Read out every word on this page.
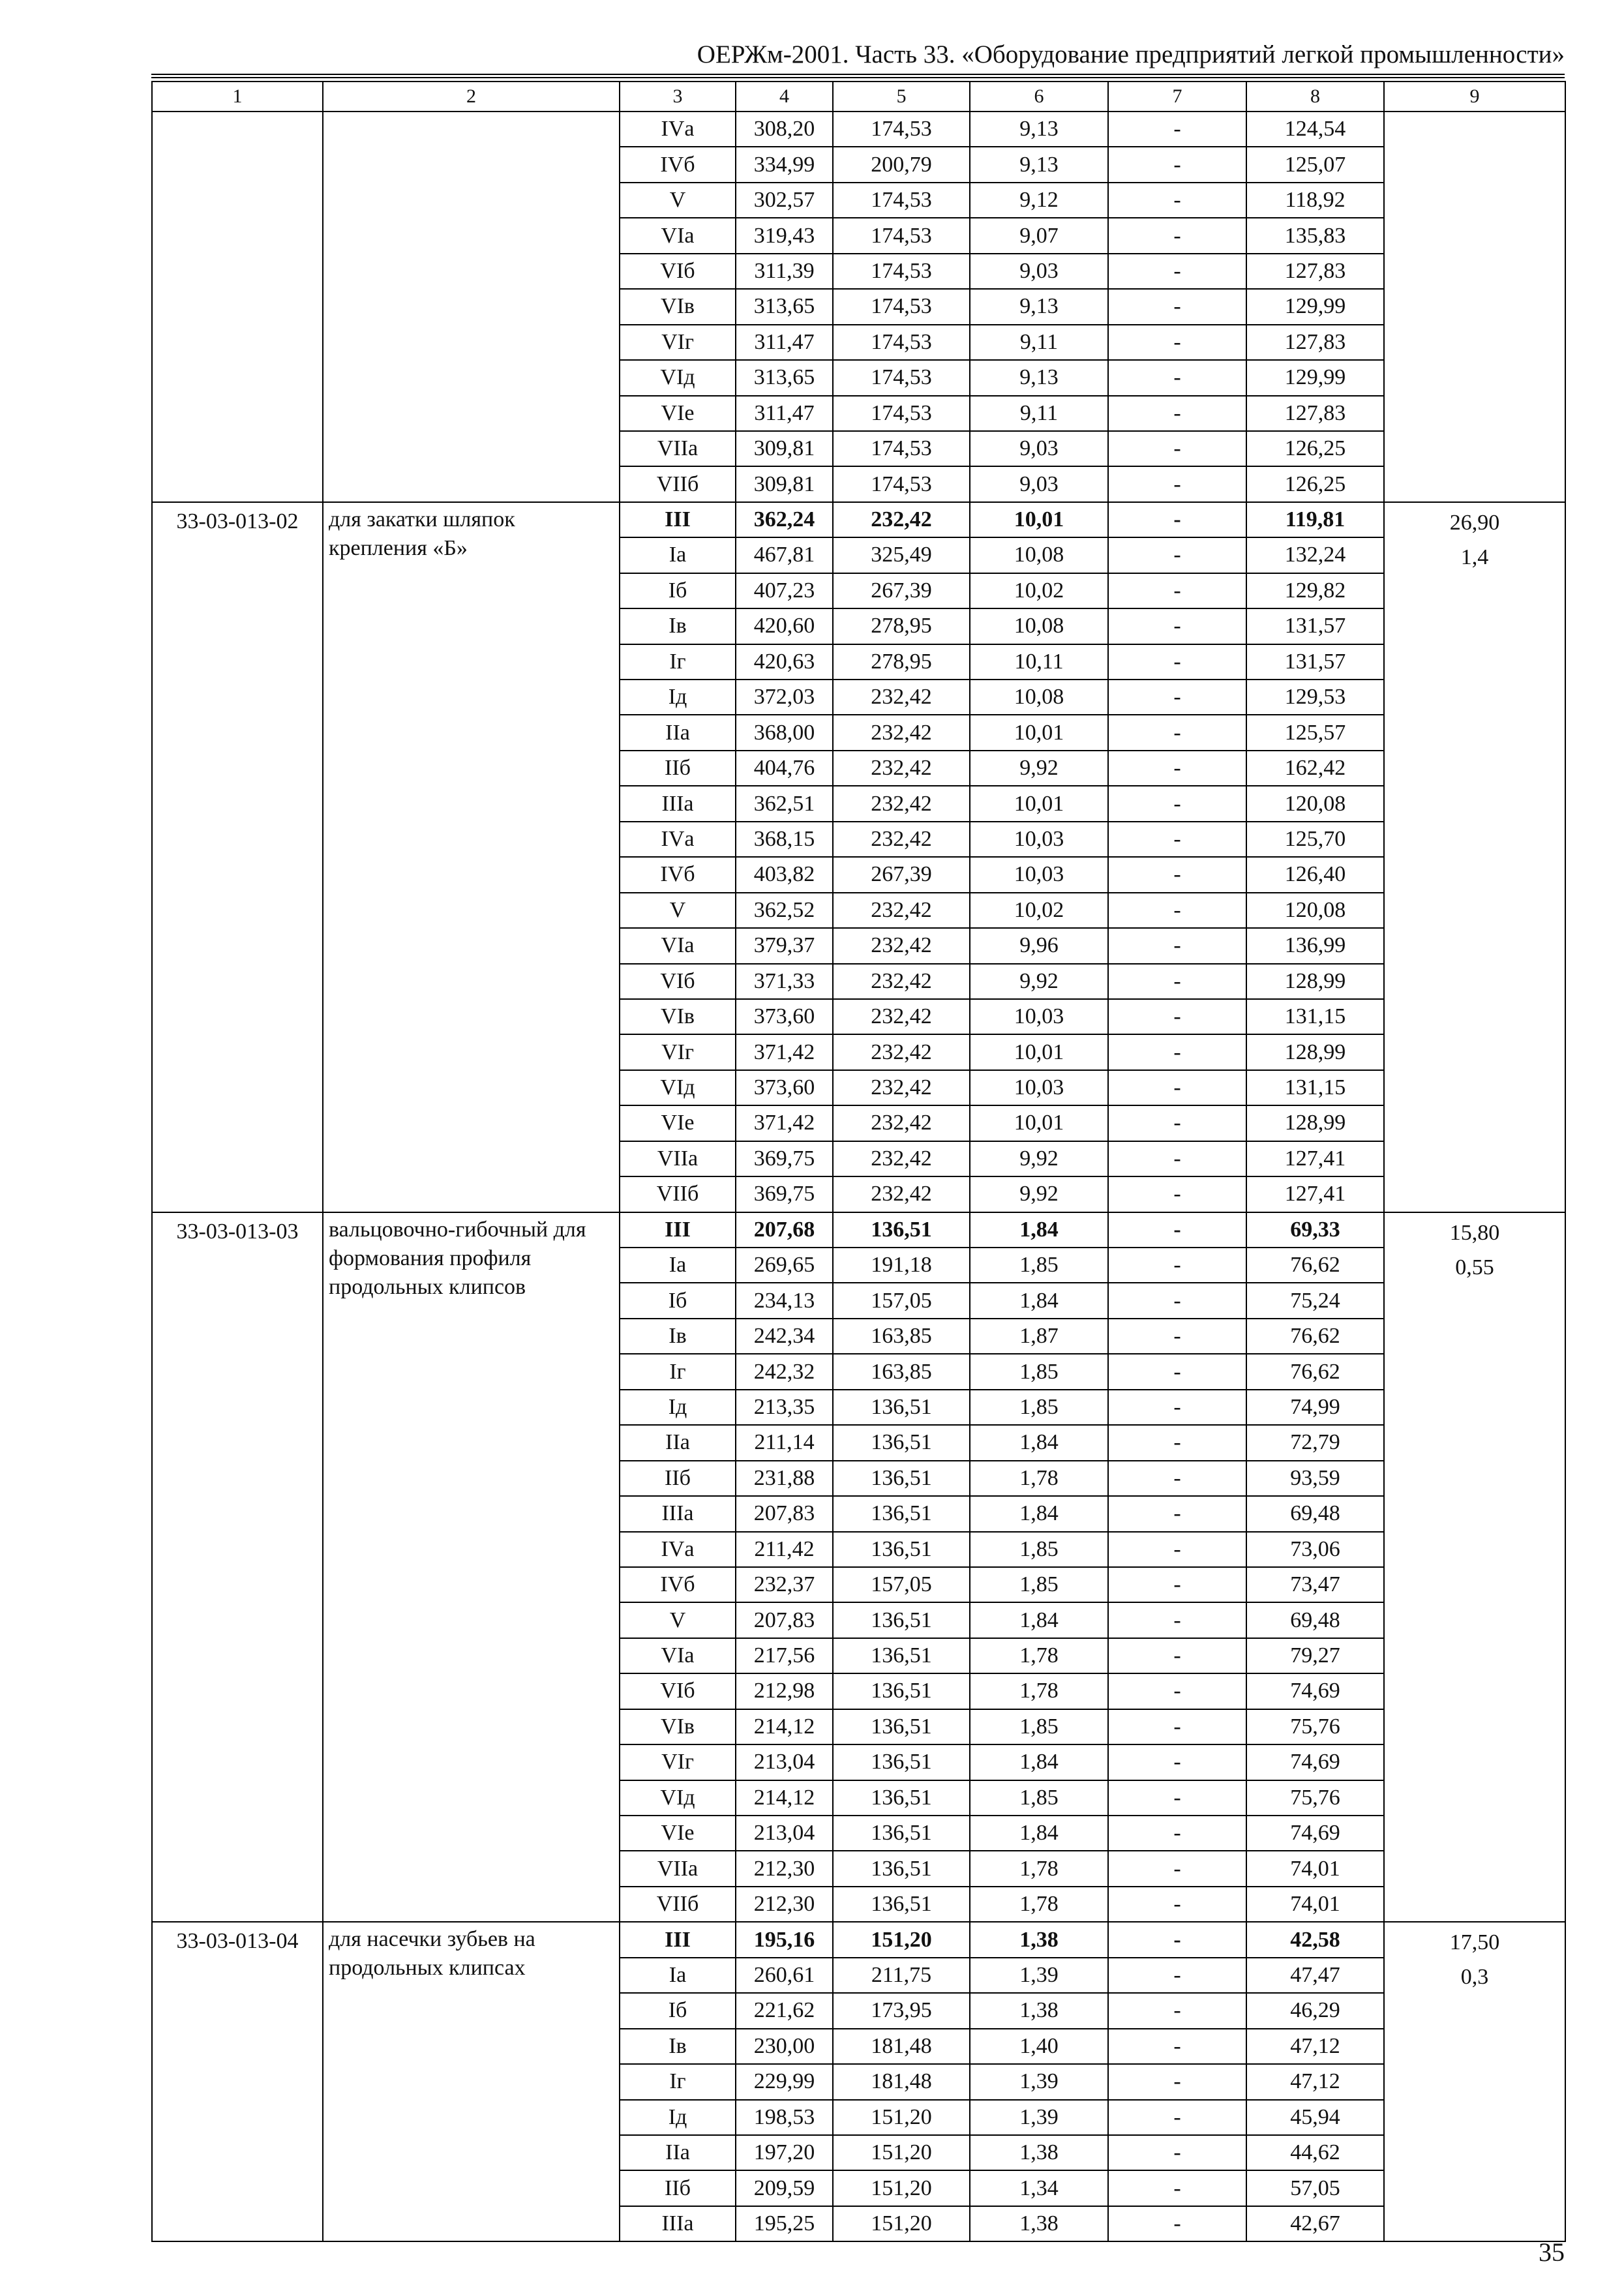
ОЕРЖм-2001. Часть 33. «Оборудование предприятий легкой промышленности»
1	2	3	4	5	6	7	8	9
		IVа	308,20	174,53	9,13	-	124,54	
		IVб	334,99	200,79	9,13	-	125,07	
		V	302,57	174,53	9,12	-	118,92	
		VIа	319,43	174,53	9,07	-	135,83	
		VIб	311,39	174,53	9,03	-	127,83	
		VIв	313,65	174,53	9,13	-	129,99	
		VIг	311,47	174,53	9,11	-	127,83	
		VIд	313,65	174,53	9,13	-	129,99	
		VIе	311,47	174,53	9,11	-	127,83	
		VIIа	309,81	174,53	9,03	-	126,25	
		VIIб	309,81	174,53	9,03	-	126,25	
33-03-013-02	для закатки шляпок крепления «Б»	III	362,24	232,42	10,01	-	119,81	26,90
1,4

		Iа	467,81	325,49	10,08	-	132,24	
		Iб	407,23	267,39	10,02	-	129,82	
		Iв	420,60	278,95	10,08	-	131,57	
		Iг	420,63	278,95	10,11	-	131,57	
		Iд	372,03	232,42	10,08	-	129,53	
		IIа	368,00	232,42	10,01	-	125,57	
		IIб	404,76	232,42	9,92	-	162,42	
		IIIа	362,51	232,42	10,01	-	120,08	
		IVа	368,15	232,42	10,03	-	125,70	
		IVб	403,82	267,39	10,03	-	126,40	
		V	362,52	232,42	10,02	-	120,08	
		VIа	379,37	232,42	9,96	-	136,99	
		VIб	371,33	232,42	9,92	-	128,99	
		VIв	373,60	232,42	10,03	-	131,15	
		VIг	371,42	232,42	10,01	-	128,99	
		VIд	373,60	232,42	10,03	-	131,15	
		VIе	371,42	232,42	10,01	-	128,99	
		VIIа	369,75	232,42	9,92	-	127,41	
		VIIб	369,75	232,42	9,92	-	127,41	
33-03-013-03	вальцовочно-гибочный для формования профиля продольных клипсов	III	207,68	136,51	1,84	-	69,33	15,80
0,55

		Iа	269,65	191,18	1,85	-	76,62	
		Iб	234,13	157,05	1,84	-	75,24	
		Iв	242,34	163,85	1,87	-	76,62	
		Iг	242,32	163,85	1,85	-	76,62	
		Iд	213,35	136,51	1,85	-	74,99	
		IIа	211,14	136,51	1,84	-	72,79	
		IIб	231,88	136,51	1,78	-	93,59	
		IIIа	207,83	136,51	1,84	-	69,48	
		IVа	211,42	136,51	1,85	-	73,06	
		IVб	232,37	157,05	1,85	-	73,47	
		V	207,83	136,51	1,84	-	69,48	
		VIа	217,56	136,51	1,78	-	79,27	
		VIб	212,98	136,51	1,78	-	74,69	
		VIв	214,12	136,51	1,85	-	75,76	
		VIг	213,04	136,51	1,84	-	74,69	
		VIд	214,12	136,51	1,85	-	75,76	
		VIе	213,04	136,51	1,84	-	74,69	
		VIIа	212,30	136,51	1,78	-	74,01	
		VIIб	212,30	136,51	1,78	-	74,01	
33-03-013-04	для насечки зубьев на продольных клипсах	III	195,16	151,20	1,38	-	42,58	17,50
0,3

		Iа	260,61	211,75	1,39	-	47,47	
		Iб	221,62	173,95	1,38	-	46,29	
		Iв	230,00	181,48	1,40	-	47,12	
		Iг	229,99	181,48	1,39	-	47,12	
		Iд	198,53	151,20	1,39	-	45,94	
		IIа	197,20	151,20	1,38	-	44,62	
		IIб	209,59	151,20	1,34	-	57,05	
		IIIа	195,25	151,20	1,38	-	42,67	
35
